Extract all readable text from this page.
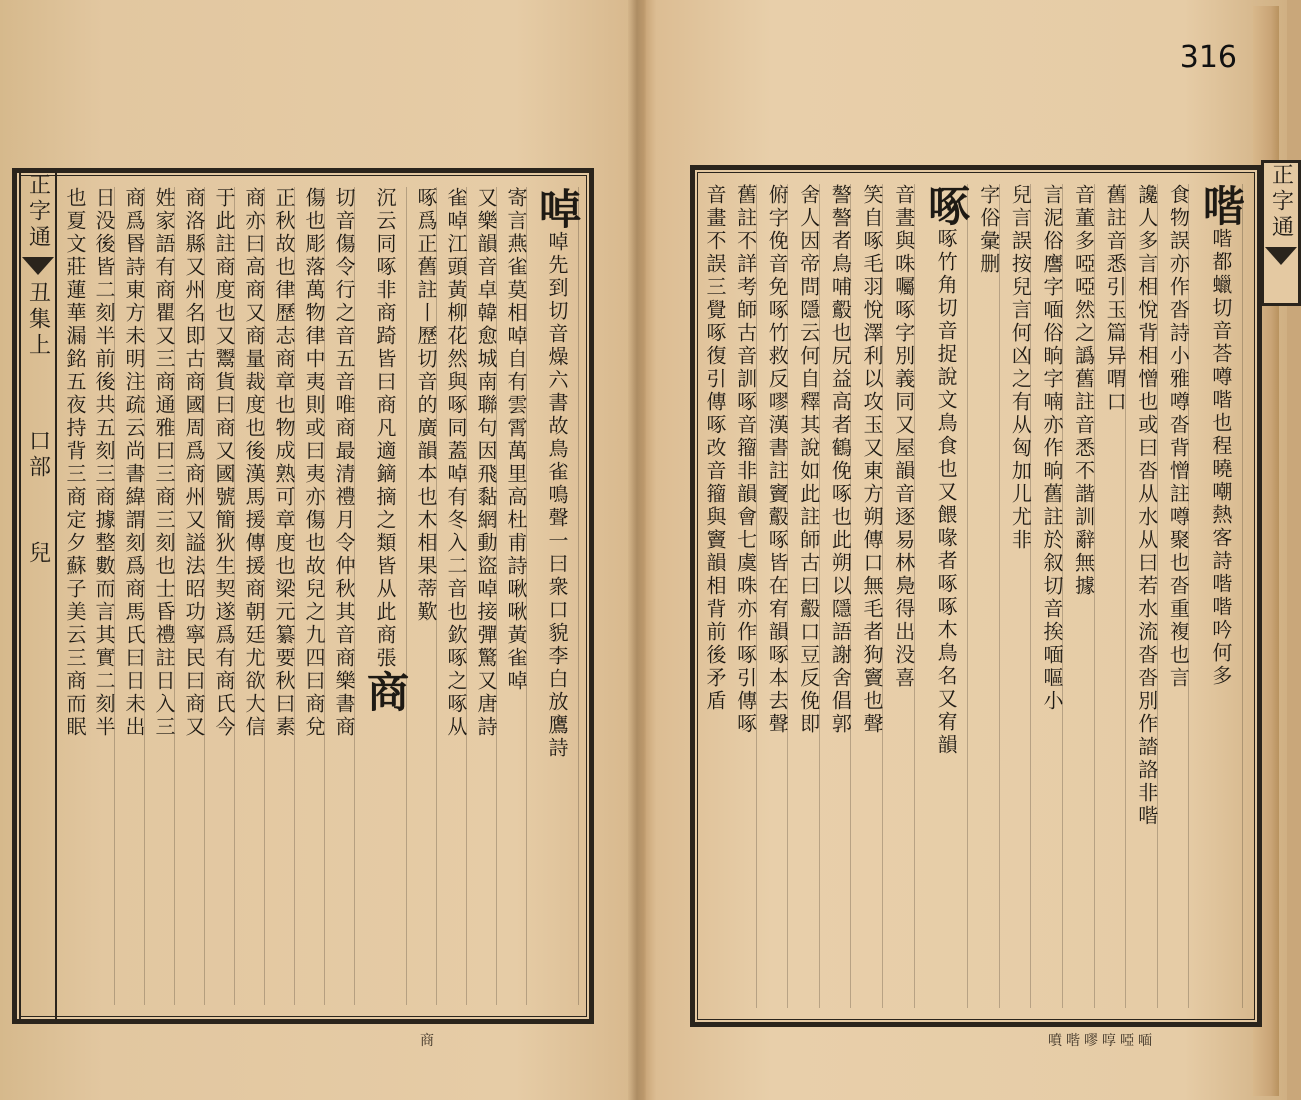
316
正字通
丑集上
口部
兒
啅啅先到切音燥六書故鳥雀鳴聲一曰衆口貌李白放鷹詩
寄言燕雀莫相啅自有雲霄萬里高杜甫詩啾啾黃雀啅
又樂韻音卓韓愈城南聯句因飛黏網動盜啅接彈驚又唐詩
雀啅江頭黃柳花然與啄同蓋啅有冬入二音也欽啄之啄从
啄爲正舊註丨歷切音的廣韻本也木相果蒂歎
沉云同啄非商踦皆曰商凡適鏑摘之類皆从此商張商
切音傷令行之音五音唯商最清禮月令仲秋其音商樂書商
傷也彫落萬物律中夷則或曰夷亦傷也故兒之九四曰商兌
正秋故也律歷志商章也物成熟可章度也梁元纂要秋曰素
商亦曰高商又商量裁度也後漢馬援傳援商朝廷尤欲大信
于此註商度也又鬻貨曰商又國號簡狄生契遂爲有商氏今
商洛縣又州名即古商國周爲商州又謚法昭功寧民曰商又
姓家語有商瞿又三商通雅曰三商三刻也士昏禮註日入三
商爲昬詩東方未明注疏云尚書緯謂刻爲商馬氏曰日未出
日没後皆二刻半前後共五刻三商據整數而言其實二刻半
也夏文莊蓮華漏銘五夜持背三商定夕蘇子美云三商而眠	正字通
喈喈都蠟切音荅噂喈也程曉嘲熱客詩喈喈吟何多
食物誤亦作沓詩小雅噂沓背憎註噂聚也沓重複也言
讒人多言相悅背相憎也或曰沓从水从曰若水流沓沓別作誻詻非喈
舊註音悉引玉篇异喟口
音董多啞啞然之譌舊註音悉不諧訓辭無據
言泥俗譍字喕俗晌字喃亦作晌舊註於叙切音挨喕嘔小
兒言誤按兒言何凶之有从匈加儿尤非
字俗彙删
啄啄竹角切音捉說文鳥食也又餵喙者啄啄木鳥名又宥韻
音晝與咮囑啄字別義同又屋韻音逐易林鳧得出没喜
笑自啄毛羽悅澤利以攻玉又東方朔傳口無毛者狗竇也聲
謷謷者鳥哺鷇也尻益高者鶴俛啄也此朔以隱語謝舍倡郭
舍人因帝問隱云何自釋其說如此註師古曰鷇口豆反俛即
俯字俛音免啄竹救反嘐漢書註竇鷇啄皆在宥韻啄本去聲
舊註不詳考師古音訓啄音籀非韻會七虞咮亦作啄引傳啄
音畫不誤三覺啄復引傳啄改音籀與竇韻相背前後矛盾
噴喈嘐啍啞喕
商
